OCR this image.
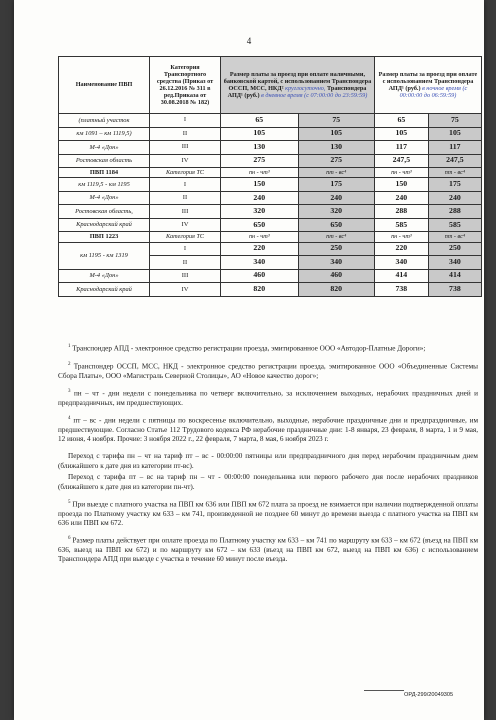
4
Наименование ПВП	Категория Транспортного средства (Приказ от 26.12.2016 № 311 в ред.Приказа от 30.08.2018 № 182)	Размер платы за проезд при оплате наличными, банковской картой, с использованием Транспондера ОССП, МСС, НКД² круглосуточно, Транспондера АПД¹ (руб.) в дневное время (с 07:00:00 до 23:59:59)		Размер платы за проезд при оплате с использованием Транспондера АПД¹ (руб.) в ночное время (с 00:00:00 до 06:59:59)	
(платный участок	I	65	75	65	75
км 1091 – км 1119,5)	II	105	105	105	105
М-4 «Дон»	III	130	130	117	117
Ростовская область	IV	275	275	247,5	247,5
ПВП 1184	Категория ТС	пн - чт³	пт - вс⁴	пн - чт³	пт - вс⁴
км 1119,5 - км 1195	I	150	175	150	175
М-4 «Дон»	II	240	240	240	240
Ростовская область,	III	320	320	288	288
Краснодарский край	IV	650	650	585	585
ПВП 1223	Категория ТС	пн - чт³	пт - вс⁴	пн - чт³	пт - вс⁴
км 1195 - км 1319	I	220	250	220	250
	II	340	340	340	340
М-4 «Дон»	III	460	460	414	414
Краснодарский край	IV	820	820	738	738

$^1$ Транспондер АПД - электронное средство регистрации проезда, эмитированное ООО «Автодор-Платные Дороги»;

$^2$ Транспондер ОССП, МСС, НКД - электронное средство регистрации проезда, эмитированное ООО «Объединенные Системы Сбора Платы», ООО «Магистраль Северной Столицы», АО «Новое качество дорог»;

$^3$ пн – чт - дни недели с понедельника по четверг включительно, за исключением выходных, нерабочих праздничных дней и предпраздничных, им предшествующих.

$^4$ пт – вс - дни недели с пятницы по воскресенье включительно, выходные, нерабочие праздничные дни и предпраздничные, им предшествующие. Согласно Статье 112 Трудового кодекса РФ нерабочие праздничные дни: 1-8 января, 23 февраля, 8 марта, 1 и 9 мая, 12 июня, 4 ноября. Прочие: 3 ноября 2022 г., 22 февраля, 7 марта, 8 мая, 6 ноября 2023 г.

Переход с тарифа пн – чт на тариф пт – вс - 00:00:00 пятницы или предпраздничного дня перед нерабочим праздничным днем (ближайшего к дате дня из категории пт-вс).

Переход с тарифа пт – вс на тариф пн – чт - 00:00:00 понедельника или первого рабочего дня после нерабочих праздников (ближайшего к дате дня из категории пн-чт).

$^5$ При выезде с платного участка на ПВП км 636 или ПВП км 672 плата за проезд не взимается при наличии подтвержденной оплаты проезда по Платному участку км 633 – км 741, произведенной не позднее 60 минут до времени выезда с платного участка на ПВП км 636 или ПВП км 672.

$^6$ Размер платы действует при оплате проезда по Платному участку км 633 – км 741 по маршруту км 633 – км 672 (въезд на ПВП км 636, выезд на ПВП км 672) и по маршруту км 672 – км 633 (въезд на ПВП км 672, выезд на ПВП км 636) с использованием Транспондера АПД при выезде с участка в течение 60 минут после въезда.

ОРД-299/20049305
